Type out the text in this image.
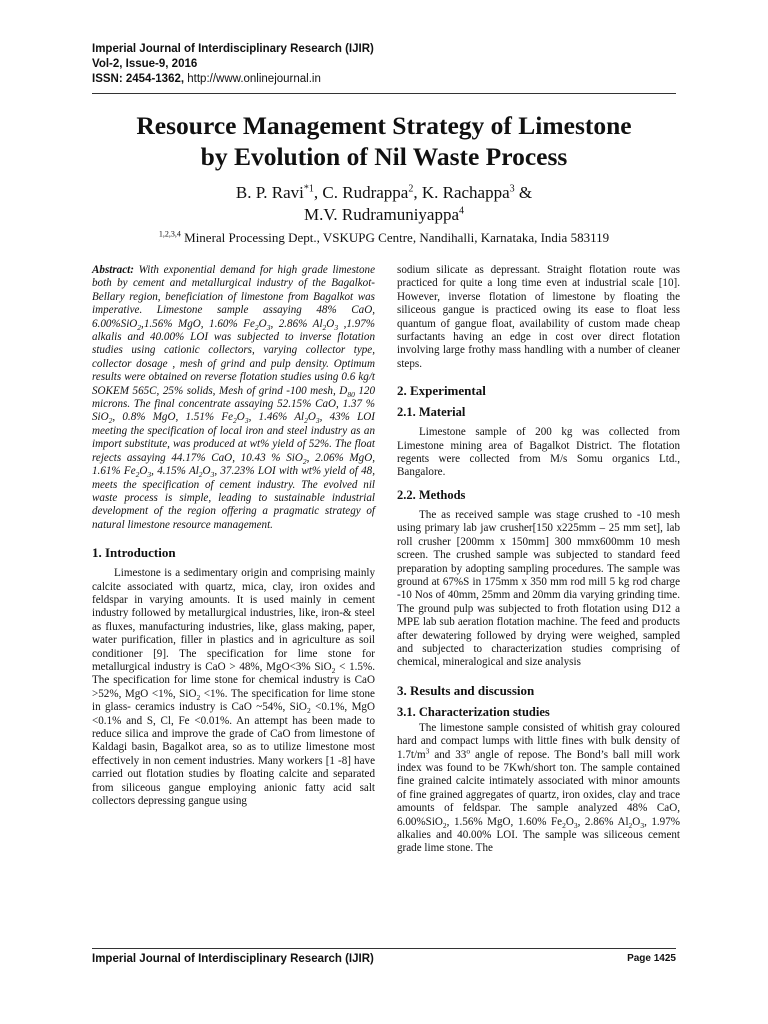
Imperial Journal of Interdisciplinary Research (IJIR)
Vol-2, Issue-9, 2016
ISSN: 2454-1362, http://www.onlinejournal.in
Resource Management Strategy of Limestone
by Evolution of Nil Waste Process
B. P. Ravi$^{*1}$, C. Rudrappa$^2$, K. Rachappa$^3$ &
M.V. Rudramuniyappa$^4$
$^{1,2,3,4}$ Mineral Processing Dept., VSKUPG Centre, Nandihalli, Karnataka, India 583119

Abstract: With exponential demand for high grade limestone both by cement and metallurgical industry of the Bagalkot- Bellary region, beneficiation of limestone from Bagalkot was imperative. Limestone sample assaying 48% CaO, 6.00%SiO$_2$,1.56% MgO, 1.60% $Fe_2O_3$, 2.86% $Al_2O_3$ ,1.97% alkalis and 40.00% LOI was subjected to inverse flotation studies using cationic collectors, varying collector type, collector dosage , mesh of grind and pulp density. Optimum results were obtained on reverse flotation studies using 0.6 kg/t SOKEM 565C, 25% solids, Mesh of grind -100 mesh, $D_{80}$ 120 microns. The final concentrate assaying 52.15% CaO, 1.37 % SiO$_2$, 0.8% MgO, 1.51% $Fe_2O_3$, 1.46% $Al_2O_3$, 43% LOI meeting the specification of local iron and steel industry as an import substitute, was produced at wt% yield of 52%. The float rejects assaying 44.17% CaO, 10.43 % SiO$_2$, 2.06% MgO, 1.61% $Fe_2O_3$, 4.15% $Al_2O_3$, 37.23% LOI with wt% yield of 48, meets the specification of cement industry. The evolved nil waste process is simple, leading to sustainable industrial development of the region offering a pragmatic strategy of natural limestone resource management.

1. Introduction

Limestone is a sedimentary origin and comprising mainly calcite associated with quartz, mica, clay, iron oxides and feldspar in varying amounts. It is used mainly in cement industry followed by metallurgical industries, like, iron-& steel as fluxes, manufacturing industries, like, glass making, paper, water purification, filler in plastics and in agriculture as soil conditioner [9]. The specification for lime stone for metallurgical industry is CaO > 48%, MgO<3% SiO$_2$ < 1.5%. The specification for lime stone for chemical industry is CaO >52%, MgO <1%, SiO$_2$ <1%. The specification for lime stone in glass- ceramics industry is CaO ~54%, SiO$_2$ <0.1%, MgO <0.1% and S, Cl, Fe <0.01%. An attempt has been made to reduce silica and improve the grade of CaO from limestone of Kaldagi basin, Bagalkot area, so as to utilize limestone most effectively in non cement industries. Many workers [1 -8] have carried out flotation studies by floating calcite and separated from siliceous gangue employing anionic fatty acid salt collectors depressing gangue using

sodium silicate as depressant. Straight flotation route was practiced for quite a long time even at industrial scale [10]. However, inverse flotation of limestone by floating the siliceous gangue is practiced owing its ease to float less quantum of gangue float, availability of custom made cheap surfactants having an edge in cost over direct flotation involving large frothy mass handling with a number of cleaner steps.

2. Experimental
2.1. Material

Limestone sample of 200 kg was collected from Limestone mining area of Bagalkot District. The flotation regents were collected from M/s Somu organics Ltd., Bangalore.

2.2. Methods

The as received sample was stage crushed to -10 mesh using primary lab jaw crusher[150 x225mm – 25 mm set], lab roll crusher [200mm x 150mm] 300 mmx600mm 10 mesh screen. The crushed sample was subjected to standard feed preparation by adopting sampling procedures. The sample was ground at 67%S in 175mm x 350 mm rod mill 5 kg rod charge -10 Nos of 40mm, 25mm and 20mm dia varying grinding time. The ground pulp was subjected to froth flotation using D12 a MPE lab sub aeration flotation machine. The feed and products after dewatering followed by drying were weighed, sampled and subjected to characterization studies comprising of chemical, mineralogical and size analysis

3. Results and discussion
3.1. Characterization studies

The limestone sample consisted of whitish gray coloured hard and compact lumps with little fines with bulk density of $1.7t/m^3$ and 33$^o$ angle of repose. The Bond’s ball mill work index was found to be 7Kwh/short ton. The sample contained fine grained calcite intimately associated with minor amounts of fine grained aggregates of quartz, iron oxides, clay and trace amounts of feldspar. The sample analyzed 48% CaO, 6.00%SiO$_2$, 1.56% MgO, 1.60% $Fe_2O_3$, 2.86% $Al_2O_3$, 1.97% alkalies and 40.00% LOI. The sample was siliceous cement grade lime stone. The

Imperial Journal of Interdisciplinary Research (IJIR)	Page 1425
